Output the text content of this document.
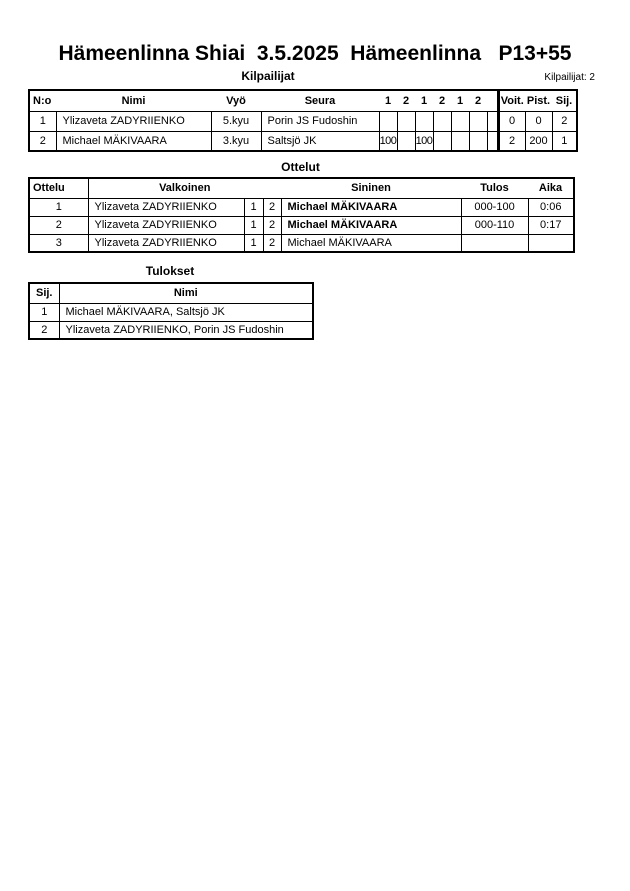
Hämeenlinna Shiai  3.5.2025  Hämeenlinna   P13+55
Kilpailijat	Kilpailijat: 2
N:o	Nimi	Vyö	Seura	1	2	1	2	1	2		Voit.	Pist.	Sij.
1	Ylizaveta ZADYRIIENKO	5.kyu	Porin JS Fudoshin								0	0	2
2	Michael MÄKIVAARA	3.kyu	Saltsjö JK	100		100					2	200	1
Ottelut
Ottelu	Valkoinen			Sininen	Tulos	Aika
1	Ylizaveta ZADYRIIENKO	1	2	Michael MÄKIVAARA	000-100	0:06
2	Ylizaveta ZADYRIIENKO	1	2	Michael MÄKIVAARA	000-110	0:17
3	Ylizaveta ZADYRIIENKO	1	2	Michael MÄKIVAARA		
Tulokset
Sij.	Nimi
1	Michael MÄKIVAARA, Saltsjö JK
2	Ylizaveta ZADYRIIENKO, Porin JS Fudoshin
